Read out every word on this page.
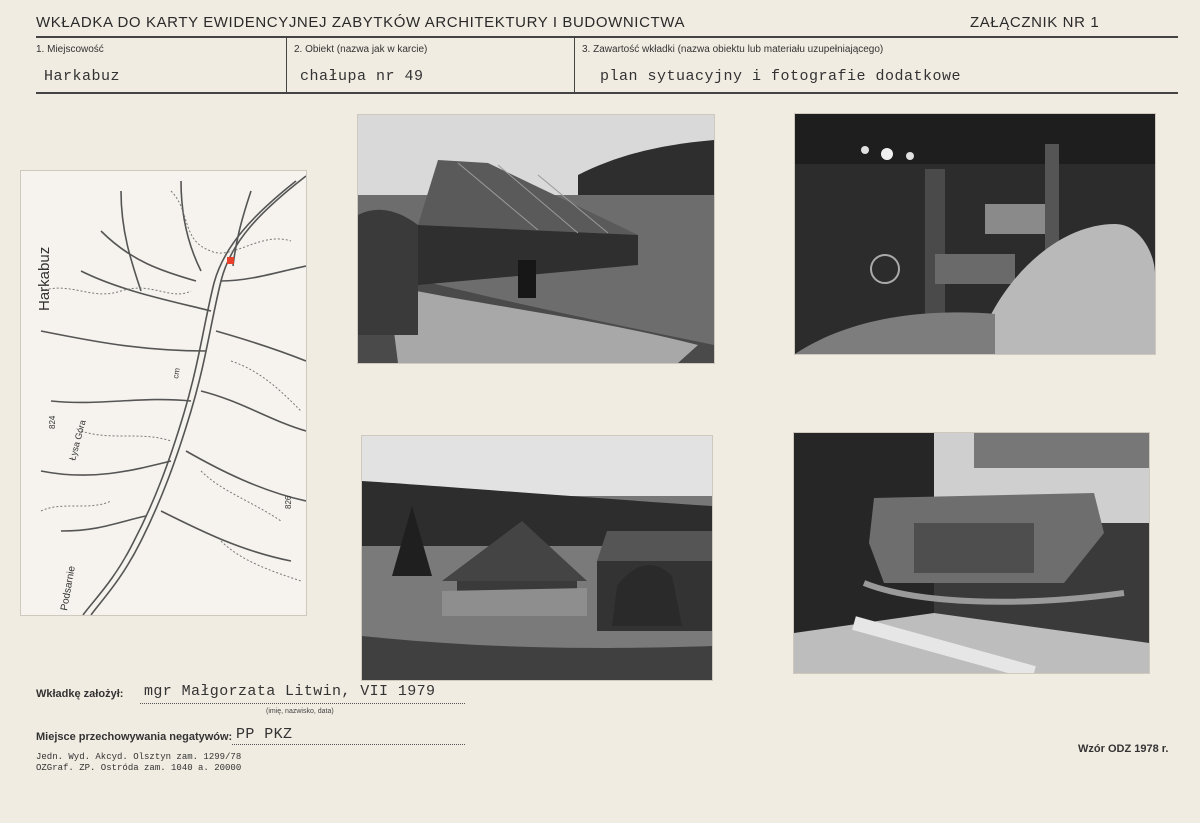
WKŁADKA DO KARTY EWIDENCYJNEJ ZABYTKÓW ARCHITEKTURY I BUDOWNICTWA	ZAŁĄCZNIK NR 1
1. Miejscowość
Harkabuz
2. Obiekt (nazwa jak w karcie)
chałupa nr 49
3. Zawartość wkładki (nazwa obiektu lub materiału uzupełniającego)
plan sytuacyjny i fotografie dodatkowe
Harkabuz
Łysa Góra
Podsarnie
824
826
cm
Wkładkę założył: mgr Małgorzata Litwin, VII 1979
(imię, nazwisko, data)
Miejsce przechowywania negatywów: PP PKZ
Jedn. Wyd. Akcyd. Olsztyn zam. 1299/78
OZGraf. ZP. Ostróda zam. 1040 a. 20000
Wzór ODZ 1978 r.
